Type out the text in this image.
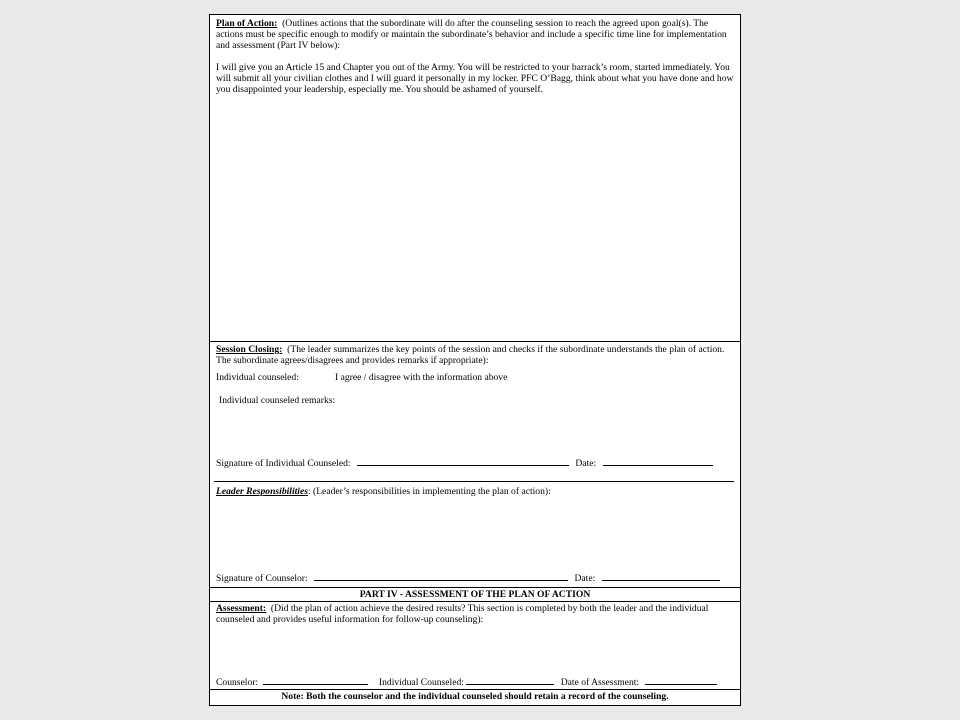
Plan of Action: (Outlines actions that the subordinate will do after the counseling session to reach the agreed upon goal(s). The actions must be specific enough to modify or maintain the subordinate’s behavior and include a specific time line for implementation and assessment (Part IV below):

I will give you an Article 15 and Chapter you out of the Army. You will be restricted to your barrack’s room, started immediately. You will submit all your civilian clothes and I will guard it personally in my locker. PFC O’Bagg, think about what you have done and how you disappointed your leadership, especially me. You should be ashamed of yourself.

Session Closing: (The leader summarizes the key points of the session and checks if the subordinate understands the plan of action. The subordinate agrees/disagrees and provides remarks if appropriate):

Individual counseled:	I agree / disagree with the information above

Individual counseled remarks:

Signature of Individual Counseled:	Date:

Leader Responsibilities: (Leader’s responsibilities in implementing the plan of action):

Signature of Counselor:	Date:
PART IV - ASSESSMENT OF THE PLAN OF ACTION

Assessment: (Did the plan of action achieve the desired results? This section is completed by both the leader and the individual counseled and provides useful information for follow-up counseling):

Counselor:	Individual Counseled:	Date of Assessment:
Note: Both the counselor and the individual counseled should retain a record of the counseling.
